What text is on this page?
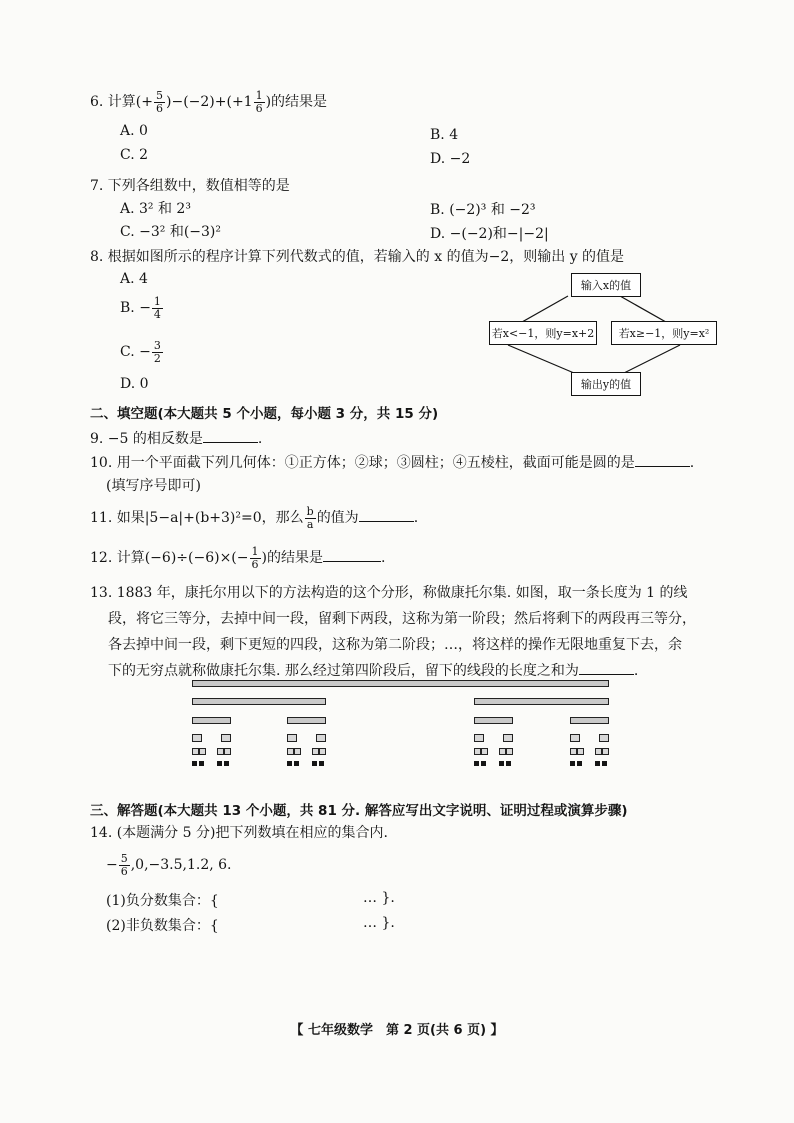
6. 计算(+ $\frac{5}{6} )-(-2)+(+1 \frac{1}{6}$ )的结果是
A. 0	B. 4
C. 2	D. −2
7. 下列各组数中，数值相等的是
A. 3² 和 2³	B. (−2)³ 和 −2³
C. −3² 和(−3)²	D. −(−2)和−|−2|
8. 根据如图所示的程序计算下列代数式的值，若输入的 x 的值为−2，则输出 y 的值是
A. 4
B. − $\frac{1}{4}$
C. − $\frac{3}{2}$
D. 0
输入x的值
若x<−1，则y=x+2	若x≥−1，则y=x²
输出y的值
二、填空题(本大题共 5 个小题，每小题 3 分，共 15 分)
9. −5 的相反数是	.
10. 用一个平面截下列几何体：①正方体；②球；③圆柱；④五棱柱，截面可能是圆的是	.
(填写序号即可)
11. 如果|5−a|+(b+3)²=0，那么 $\frac{b}{a}$ 的值为	.
12. 计算$(-6)\div(-6)\times(- \frac{1}{6}$ )的结果是	.
13. 1883 年，康托尔用以下的方法构造的这个分形，称做康托尔集. 如图，取一条长度为 1 的线
段，将它三等分，去掉中间一段，留剩下两段，这称为第一阶段；然后将剩下的两段再三等分，
各去掉中间一段，剩下更短的四段，这称为第二阶段；…，将这样的操作无限地重复下去，余
下的无穷点就称做康托尔集. 那么经过第四阶段后，留下的线段的长度之和为	.
三、解答题(本大题共 13 个小题，共 81 分. 解答应写出文字说明、证明过程或演算步骤)
14. (本题满分 5 分)把下列数填在相应的集合内.
− $\frac{5}{6} ,0,-3.5,1.2$, 6.
(1)负分数集合：{	… }.
(2)非负数集合：{	… }.
【 七年级数学　第 2 页(共 6 页) 】
